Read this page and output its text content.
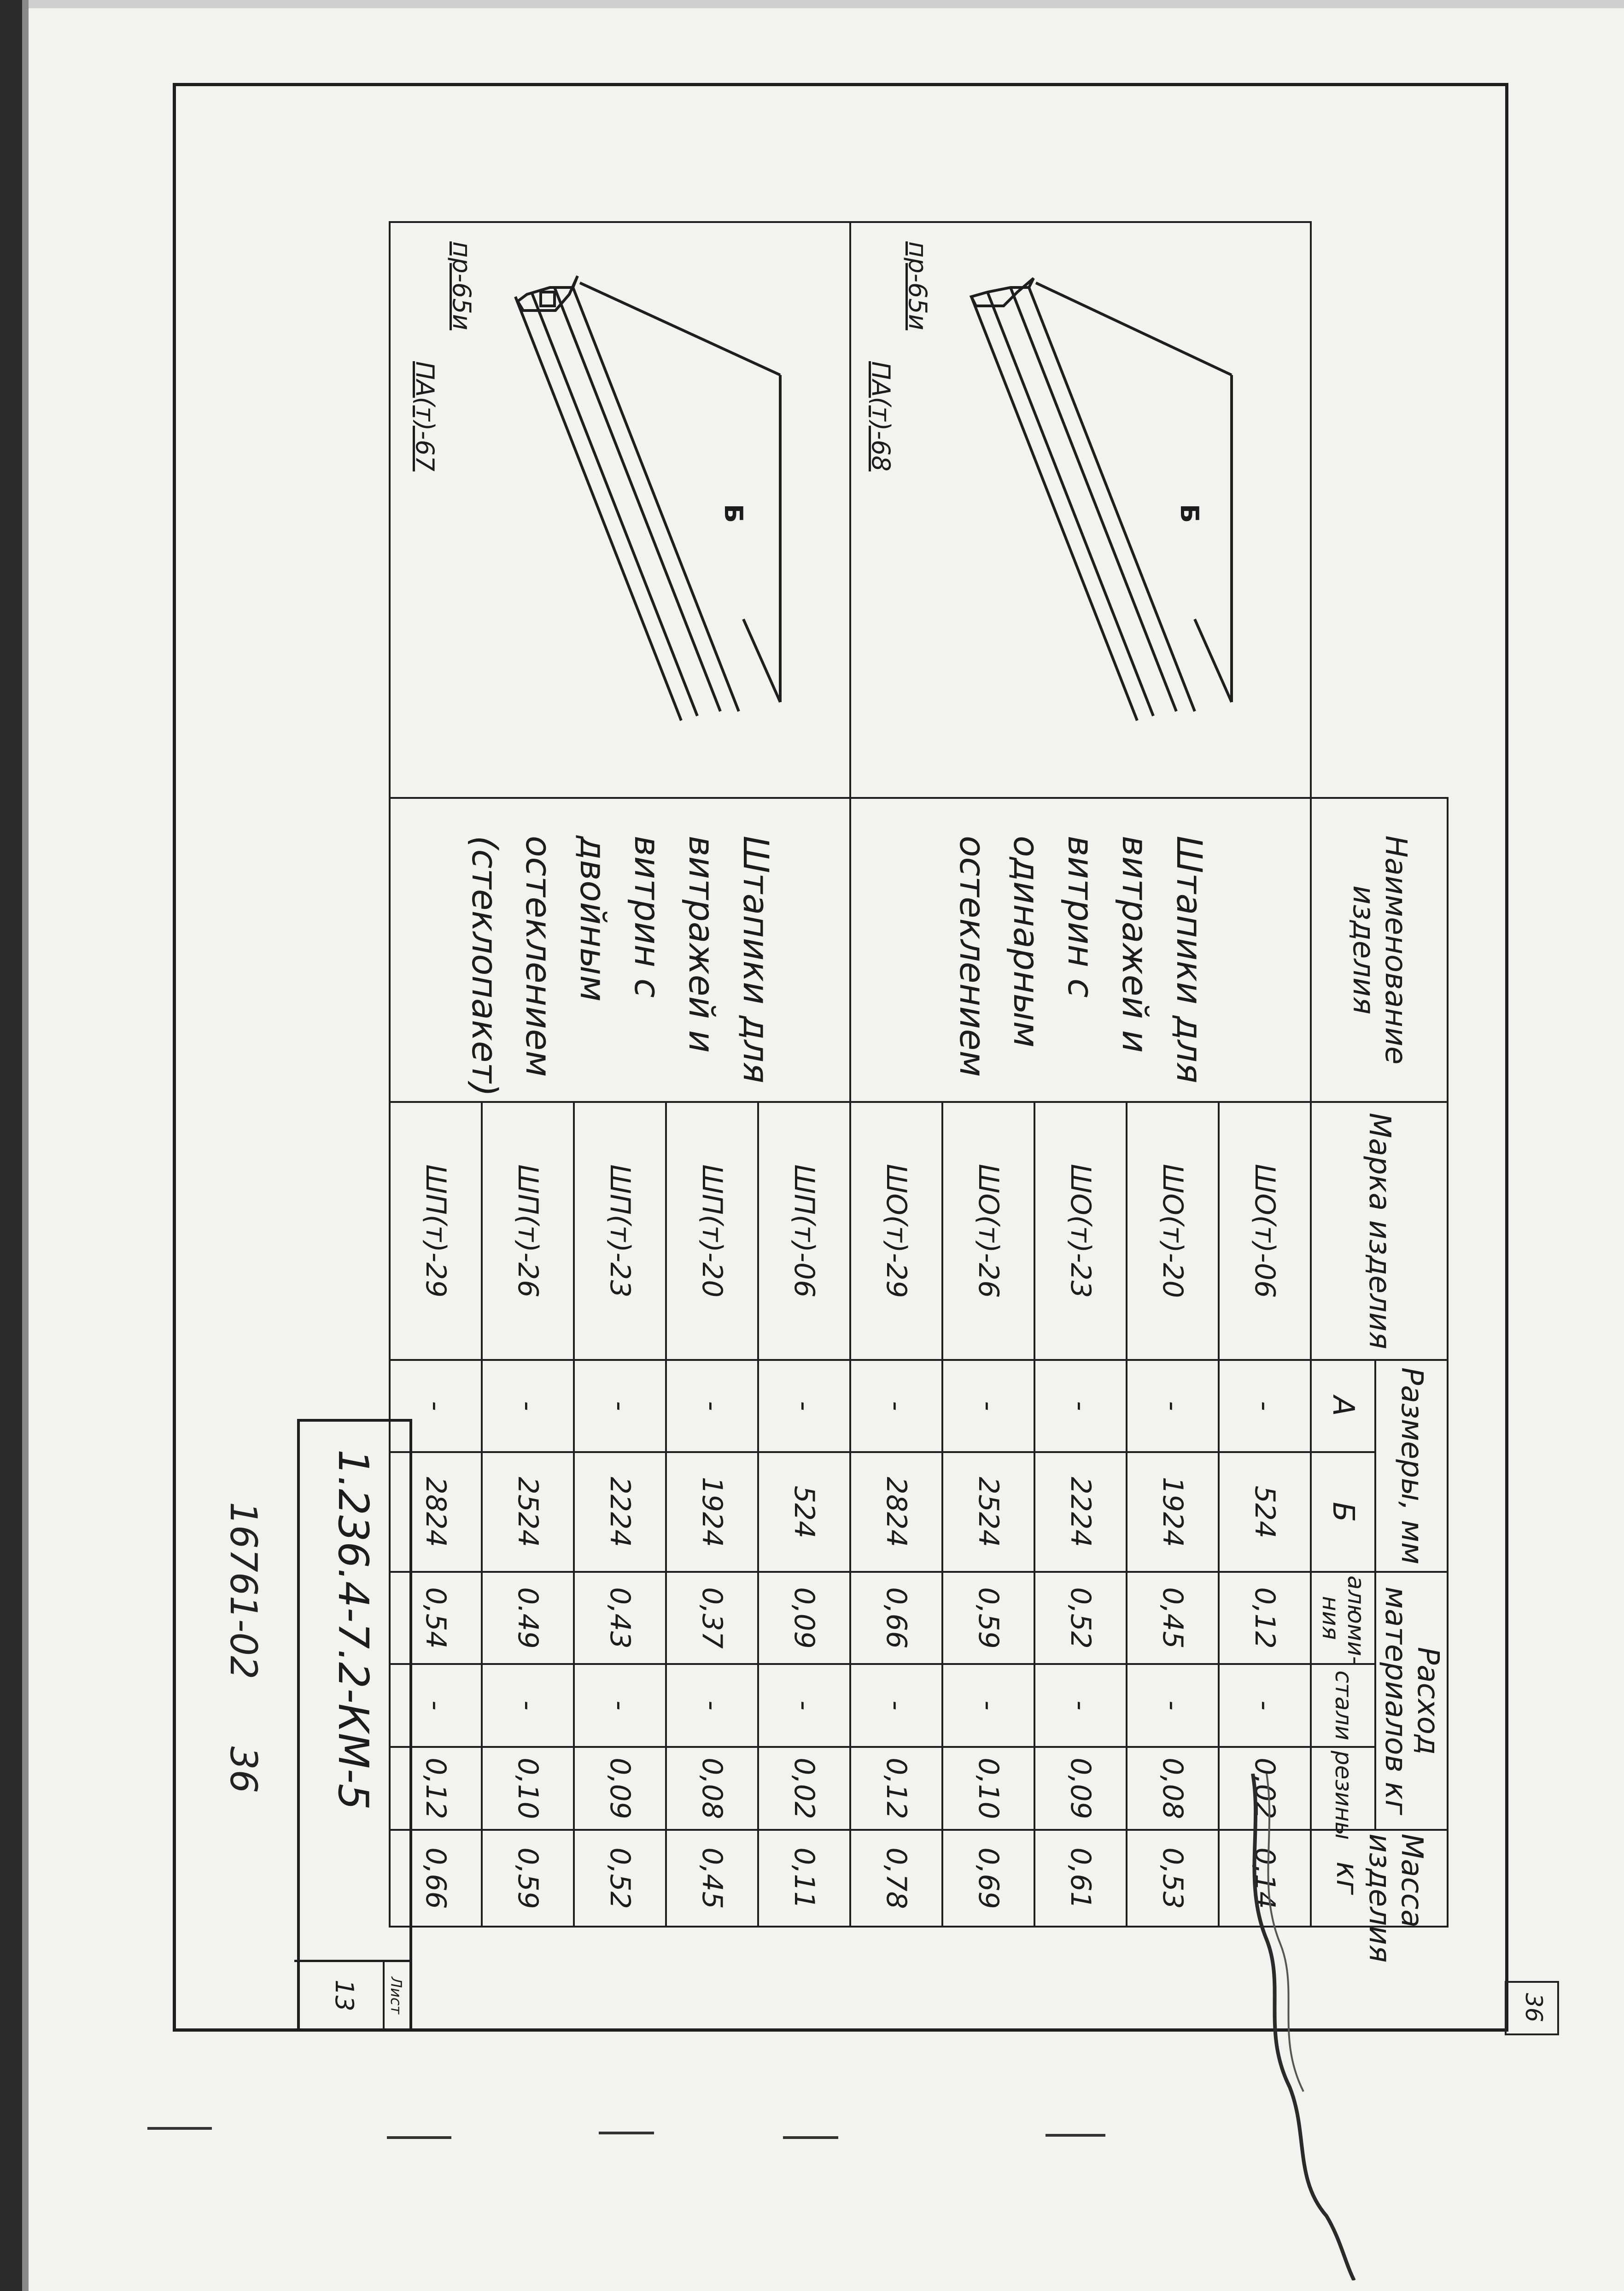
36
	Наименование изделия	Марка изделия	Размеры, мм		Расход материалов кг			Масса изделия кг
			А	Б	алюми-ния	стали	резины	

Б
пр-65и
ПА(т)-68	Штапики для витражей и витрин с одинарным остеклением	ШО(т)-06	-	524	0,12	-	0,02	0,14
		ШО(т)-20	-	1924	0,45	-	0,08	0,53
		ШО(т)-23	-	2224	0,52	-	0,09	0,61
		ШО(т)-26	-	2524	0,59	-	0,10	0,69
		ШО(т)-29	-	2824	0,66	-	0,12	0,78

Б
пр-65и
ПА(т)-67	Штапики для витражей и витрин с двойным остеклением (стеклопакет)	ШП(т)-06	-	524	0,09	-	0,02	0,11
		ШП(т)-20	-	1924	0,37	-	0,08	0,45
		ШП(т)-23	-	2224	0,43	-	0,09	0,52
		ШП(т)-26	-	2524	0.49	-	0,10	0,59
		ШП(т)-29	-	2824	0,54	-	0,12	0,66
1.236.4-7.2-КМ-5
Лист
13
16761-02 36
